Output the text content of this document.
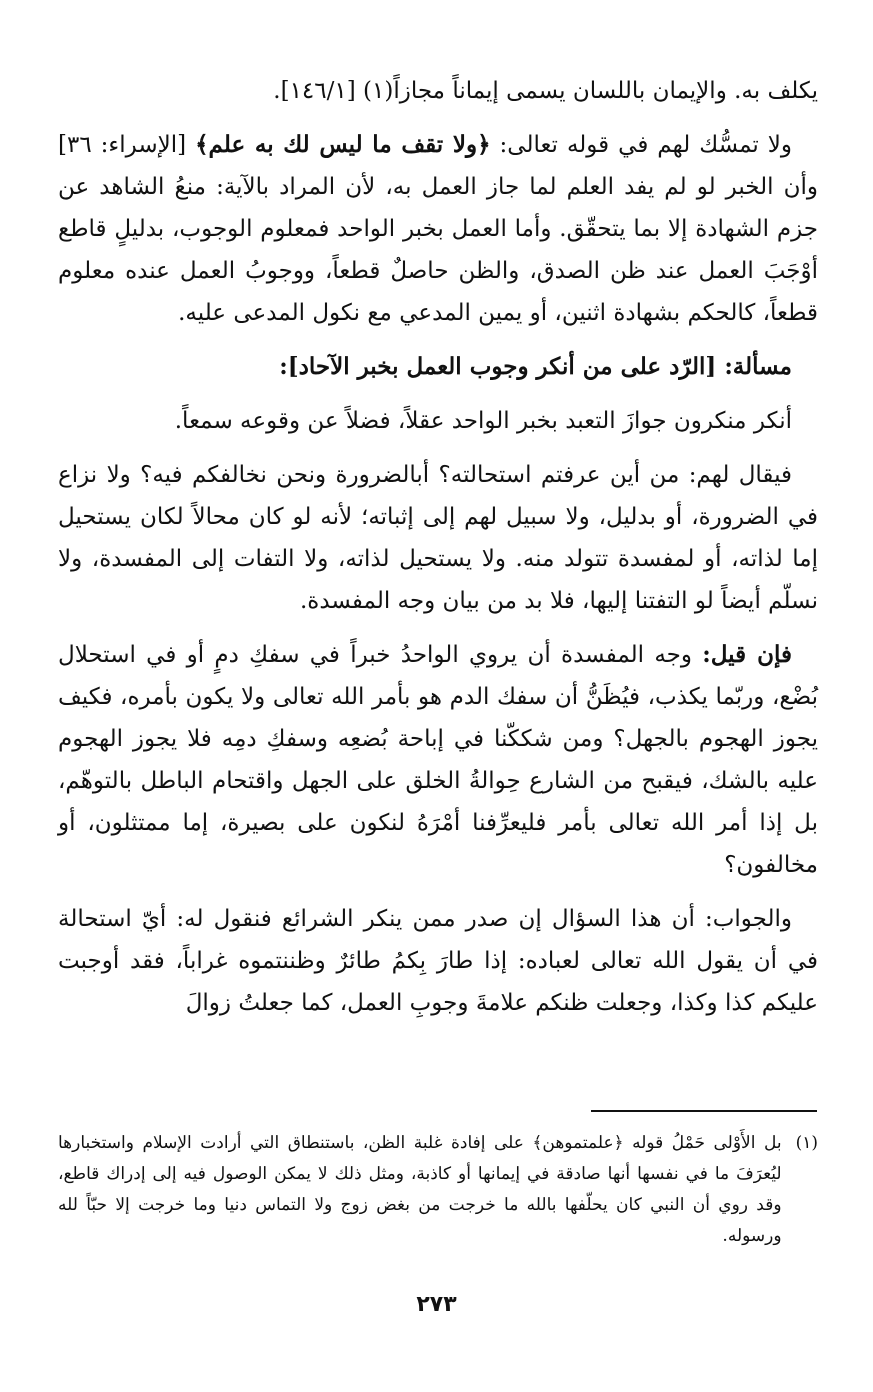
يكلف به. والإيمان باللسان يسمى إيماناً مجازاً(١) [١٤٦/١].

ولا تمسُّك لهم في قوله تعالى: ﴿ولا تقف ما ليس لك به علم﴾ [الإسراء: ٣٦] وأن الخبر لو لم يفد العلم لما جاز العمل به، لأن المراد بالآية: منعُ الشاهد عن جزم الشهادة إلا بما يتحقّق. وأما العمل بخبر الواحد فمعلوم الوجوب، بدليلٍ قاطع أوْجَبَ العمل عند ظن الصدق، والظن حاصلٌ قطعاً، ووجوبُ العمل عنده معلوم قطعاً، كالحكم بشهادة اثنين، أو يمين المدعي مع نكول المدعى عليه.

مسألة: [الرّد على من أنكر وجوب العمل بخبر الآحاد]:

أنكر منكرون جوازَ التعبد بخبر الواحد عقلاً، فضلاً عن وقوعه سمعاً.

فيقال لهم: من أين عرفتم استحالته؟ أبالضرورة ونحن نخالفكم فيه؟ ولا نزاع في الضرورة، أو بدليل، ولا سبيل لهم إلى إثباته؛ لأنه لو كان محالاً لكان يستحيل إما لذاته، أو لمفسدة تتولد منه. ولا يستحيل لذاته، ولا التفات إلى المفسدة، ولا نسلّم أيضاً لو التفتنا إليها، فلا بد من بيان وجه المفسدة.

فإن قيل: وجه المفسدة أن يروي الواحدُ خبراً في سفكِ دمٍ أو في استحلال بُضْع، وربّما يكذب، فيُظَنُّ أن سفك الدم هو بأمر الله تعالى ولا يكون بأمره، فكيف يجوز الهجوم بالجهل؟ ومن شككّنا في إباحة بُضعِه وسفكِ دمِه فلا يجوز الهجوم عليه بالشك، فيقبح من الشارع حِوالةُ الخلق على الجهل واقتحام الباطل بالتوهّم، بل إذا أمر الله تعالى بأمر فليعرِّفنا أمْرَهُ لنكون على بصيرة، إما ممتثلون، أو مخالفون؟

والجواب: أن هذا السؤال إن صدر ممن ينكر الشرائع فنقول له: أيّ استحالة في أن يقول الله تعالى لعباده: إذا طارَ بِكمُ طائرٌ وظننتموه غراباً، فقد أوجبت عليكم كذا وكذا، وجعلت ظنكم علامةَ وجوبِ العمل، كما جعلتُ زوالَ

(١)
بل الأَوْلى حَمْلُ قوله ﴿علمتموهن﴾ على إفادة غلبة الظن، باستنطاق التي أرادت الإسلام واستخبارها ليُعرَفَ ما في نفسها أنها صادقة في إيمانها أو كاذبة، ومثل ذلك لا يمكن الوصول فيه إلى إدراك قاطع، وقد روي أن النبي كان يحلّفها بالله ما خرجت من بغض زوج ولا التماس دنيا وما خرجت إلا حبّاً لله ورسوله.
٢٧٣
